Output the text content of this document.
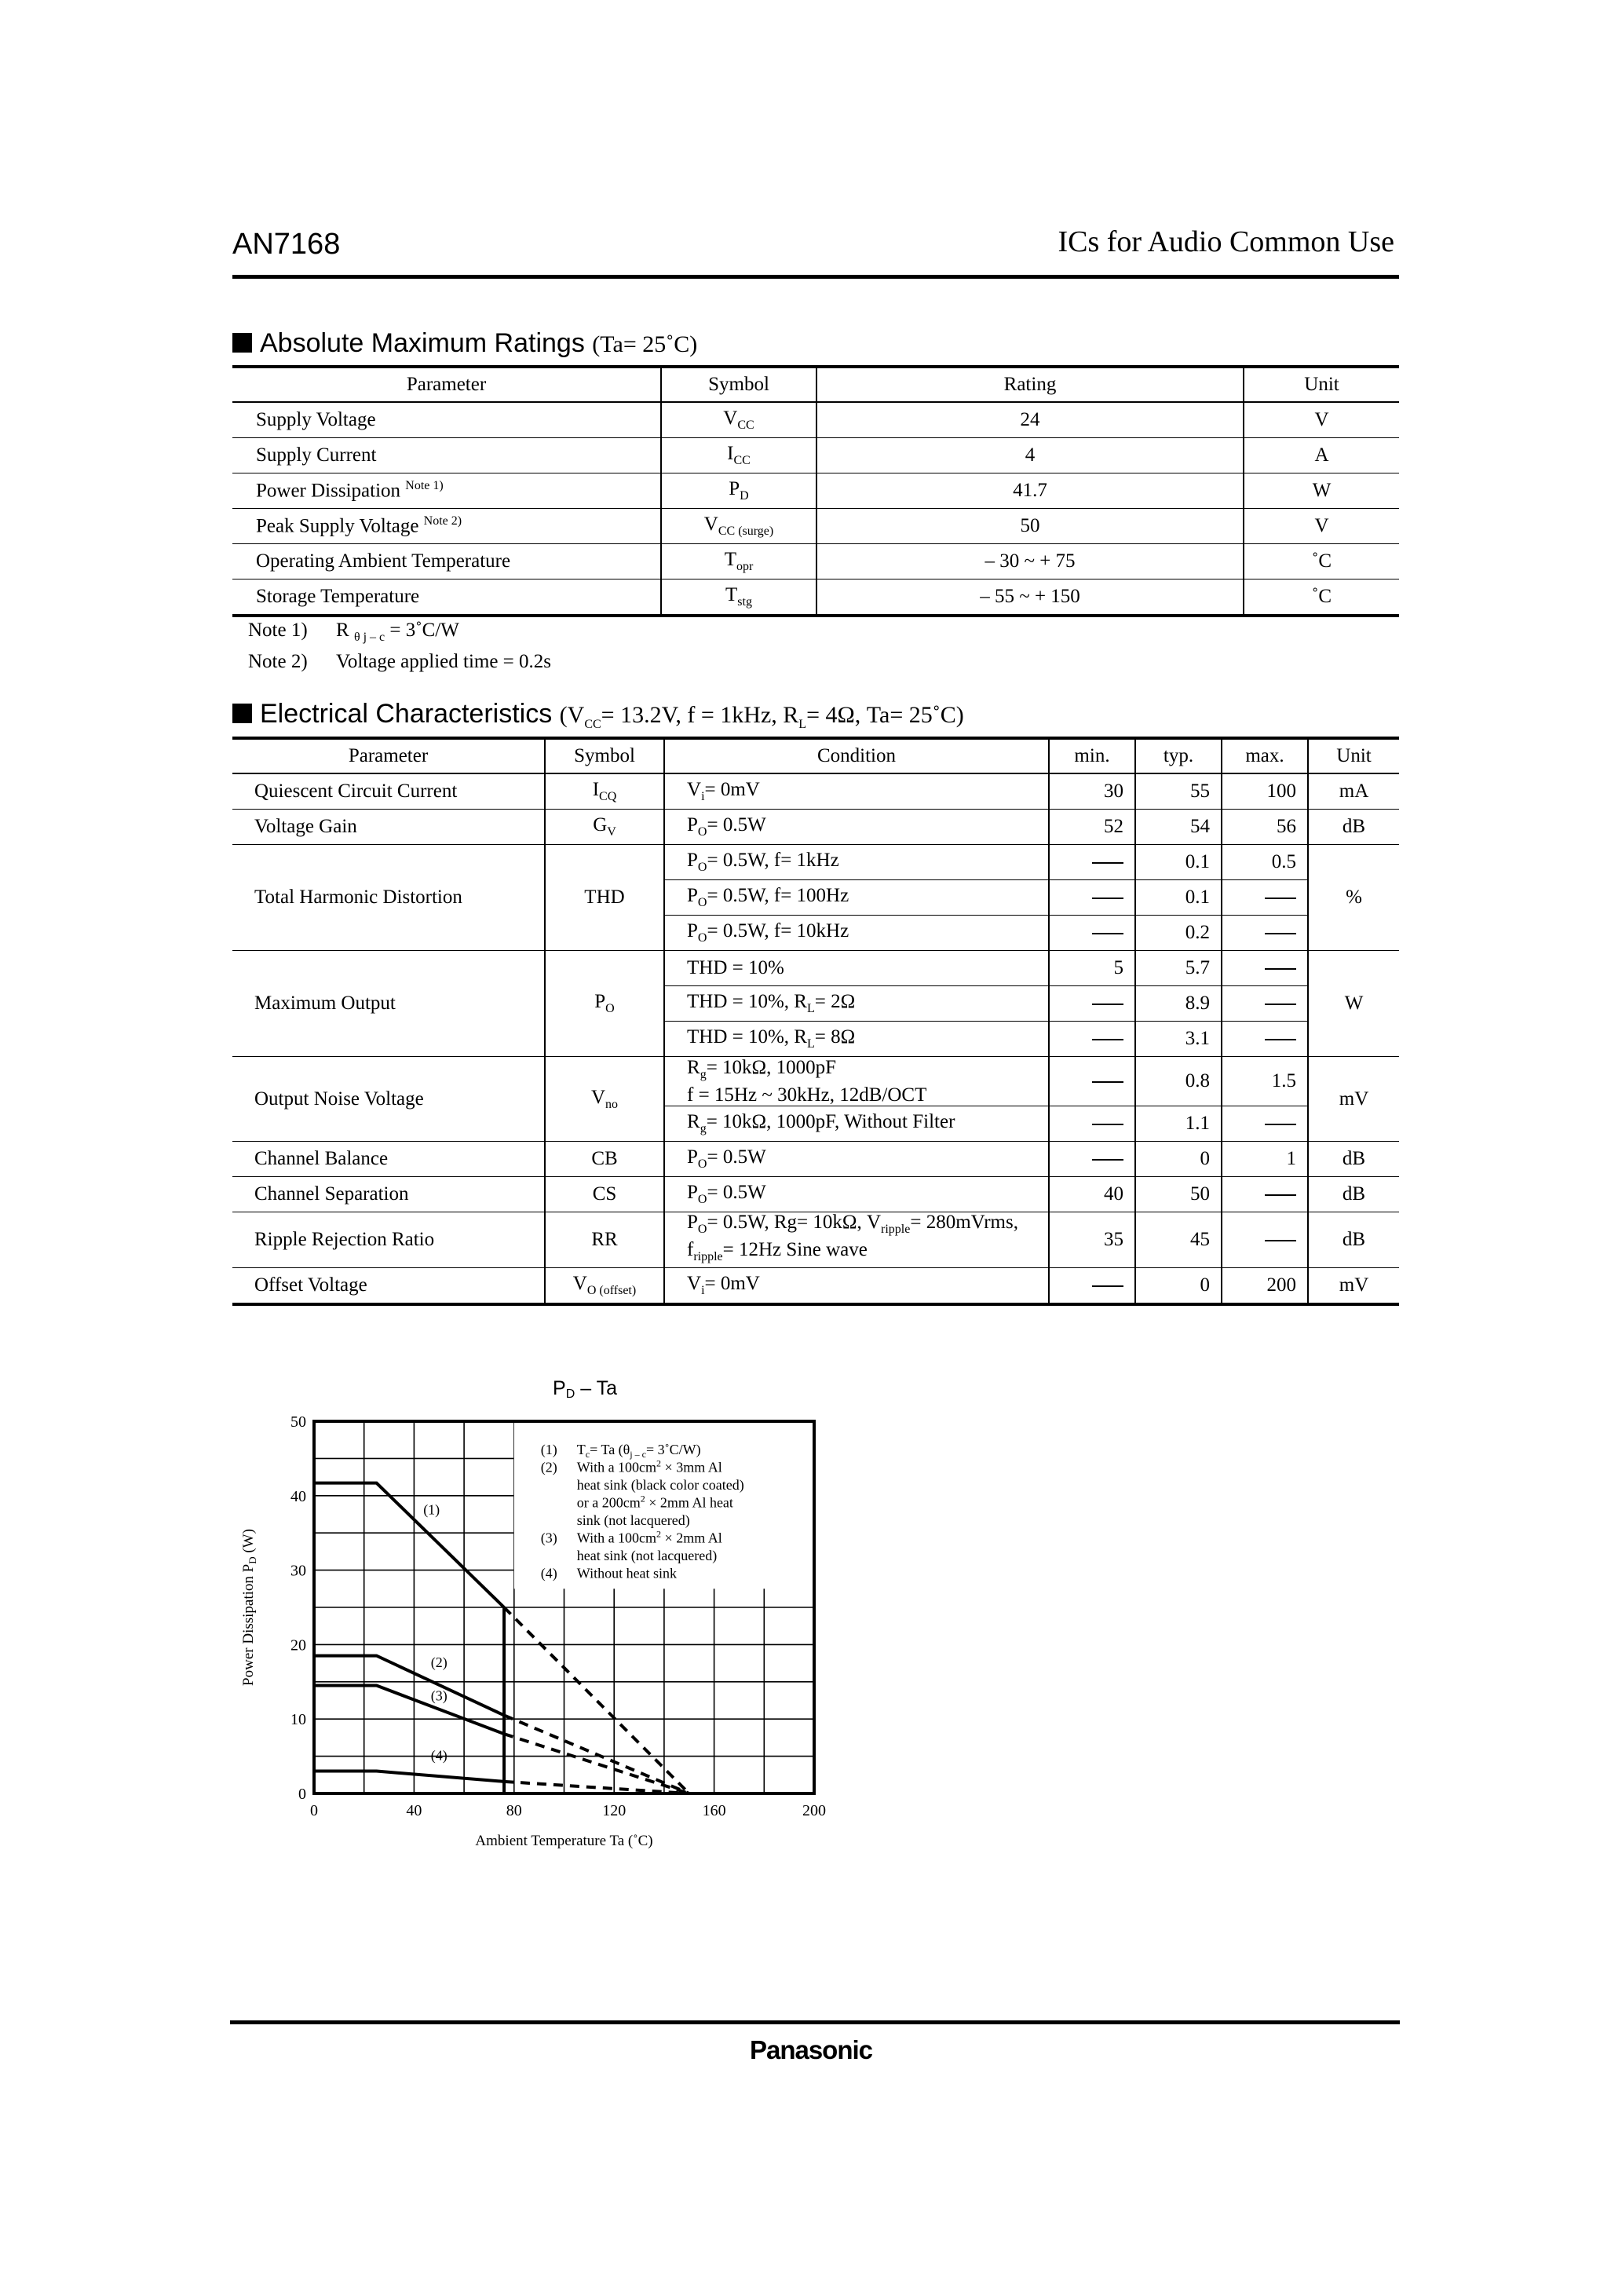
AN7168	ICs for Audio Common Use
Absolute Maximum Ratings (Ta= 25˚C)
Parameter	Symbol	Rating	Unit
Supply Voltage	$V_{CC}$	24	V
Supply Current	$I_{CC}$	4	A
Power Dissipation $^{Note 1)}$	$P_D$	41.7	W
Peak Supply Voltage $^{Note 2)}$	$V_{CC (surge)}$	50	V
Operating Ambient Temperature	$T_{opr}$	– 30 ~ + 75	˚C
Storage Temperature	$T_{stg}$	– 55 ~ + 150	˚C
Note 1) R $_{\theta j - c}$ = 3˚C/W
Note 2) Voltage applied time = 0.2s
Electrical Characteristics ($V_{CC}= 13.2V$, f = 1kHz, $R_L= 4\Omega$, Ta= 25˚C)
Parameter	Symbol	Condition	min.	typ.	max.	Unit
Quiescent Circuit Current	$I_{CQ}$	$V_i= 0mV$	30	55	100	mA
Voltage Gain	$G_V$	$P_O= 0.5W$	52	54	56	dB
Total Harmonic Distortion	THD	$P_O= 0.5W$, f= 1kHz		0.1	0.5	%
		$P_O= 0.5W$, f= 100Hz		0.1		
		$P_O= 0.5W$, f= 10kHz		0.2		
Maximum Output	$P_O$	THD = 10%	5	5.7		W
		THD = 10%, $R_L= 2\Omega$		8.9		
		THD = 10%, $R_L= 8\Omega$		3.1		
Output Noise Voltage	$V_{no}$	$R_g= 10k\Omega$, 1000pF
f = 15Hz ~ 30kHz, 12dB/OCT		0.8	1.5	mV
		$R_g= 10k\Omega$, 1000pF, Without Filter		1.1		
Channel Balance	CB	$P_O= 0.5W$		0	1	dB
Channel Separation	CS	$P_O= 0.5W$	40	50		dB
Ripple Rejection Ratio	RR	$P_O= 0.5W$, Rg= 10kΩ, $V_{ripple}=$ 280mVrms,
$f_{ripple}= 12Hz$ Sine wave	35	45		dB
Offset Voltage	$V_{O (offset)}$	$V_i= 0mV$		0	200	mV
0	40	80	120	160	200
0
10
20
30
40
50
(1)
(2)
(3)
(4)
PD – Ta
Ambient Temperature Ta (˚C)
Power Dissipation $P_D$ (W)
(1) $T_c= Ta$ ($\theta_{j - c}=$ 3˚C/W)
(2) With a $100cm^2 \times 3mm$ Al
heat sink (black color coated)
or a $200cm^2 \times 2mm$ Al heat
sink (not lacquered)
(3) With a $100cm^2 \times 2mm$ Al
heat sink (not lacquered)
(4) Without heat sink
Panasonic
